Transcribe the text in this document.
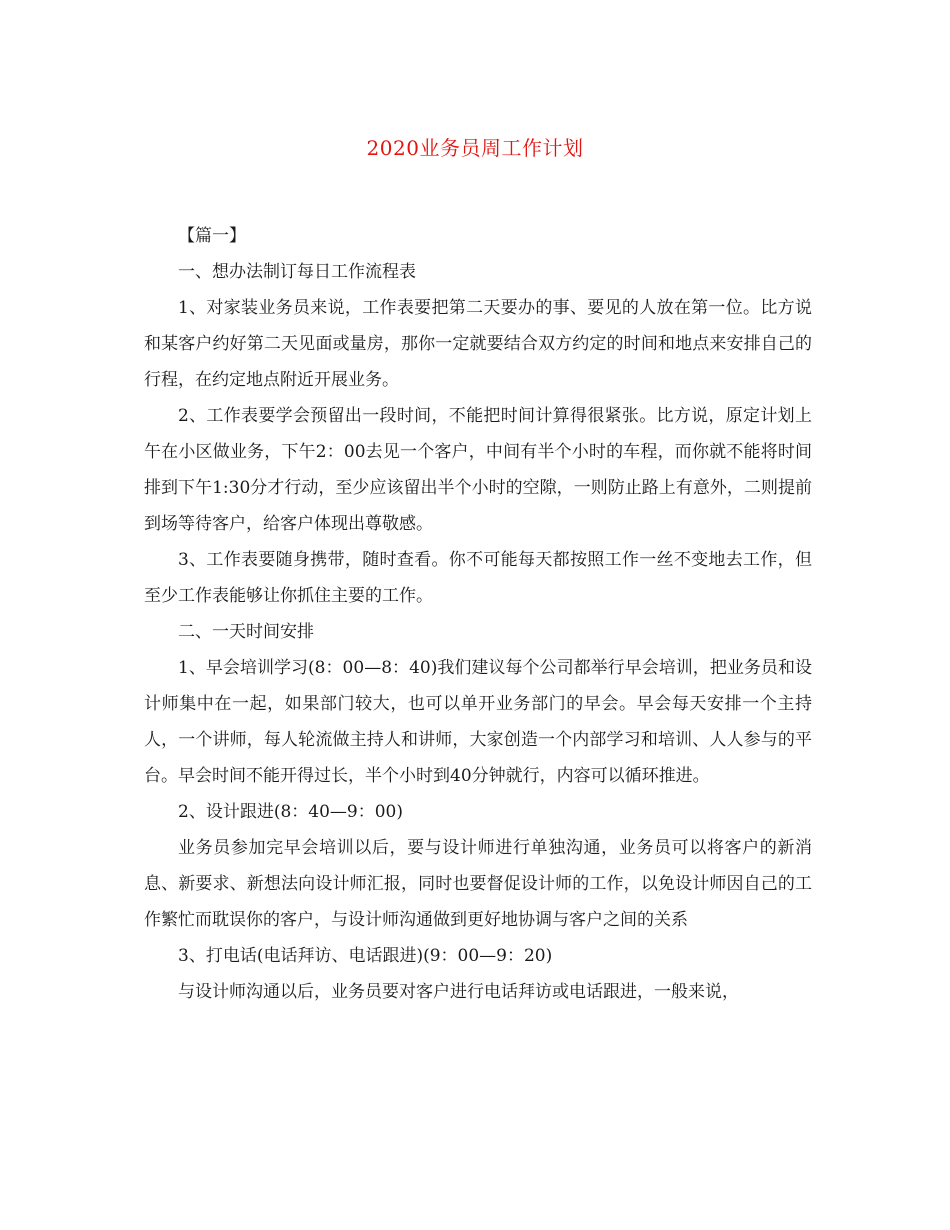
2020业务员周工作计划

【篇一】

一、想办法制订每日工作流程表

1、对家装业务员来说，工作表要把第二天要办的事、要见的人放在第一位。比方说和某客户约好第二天见面或量房，那你一定就要结合双方约定的时间和地点来安排自己的行程，在约定地点附近开展业务。

2、工作表要学会预留出一段时间，不能把时间计算得很紧张。比方说，原定计划上午在小区做业务，下午2：00去见一个客户，中间有半个小时的车程，而你就不能将时间排到下午1:30分才行动，至少应该留出半个小时的空隙，一则防止路上有意外，二则提前到场等待客户，给客户体现出尊敬感。

3、工作表要随身携带，随时查看。你不可能每天都按照工作一丝不变地去工作，但至少工作表能够让你抓住主要的工作。

二、一天时间安排

1、早会培训学习(8：00—8：40)我们建议每个公司都举行早会培训，把业务员和设计师集中在一起，如果部门较大，也可以单开业务部门的早会。早会每天安排一个主持人，一个讲师，每人轮流做主持人和讲师，大家创造一个内部学习和培训、人人参与的平台。早会时间不能开得过长，半个小时到40分钟就行，内容可以循环推进。

2、设计跟进(8：40—9：00)

业务员参加完早会培训以后，要与设计师进行单独沟通，业务员可以将客户的新消息、新要求、新想法向设计师汇报，同时也要督促设计师的工作，以免设计师因自己的工作繁忙而耽误你的客户，与设计师沟通做到更好地协调与客户之间的关系

3、打电话(电话拜访、电话跟进)(9：00—9：20)

与设计师沟通以后，业务员要对客户进行电话拜访或电话跟进，一般来说，
